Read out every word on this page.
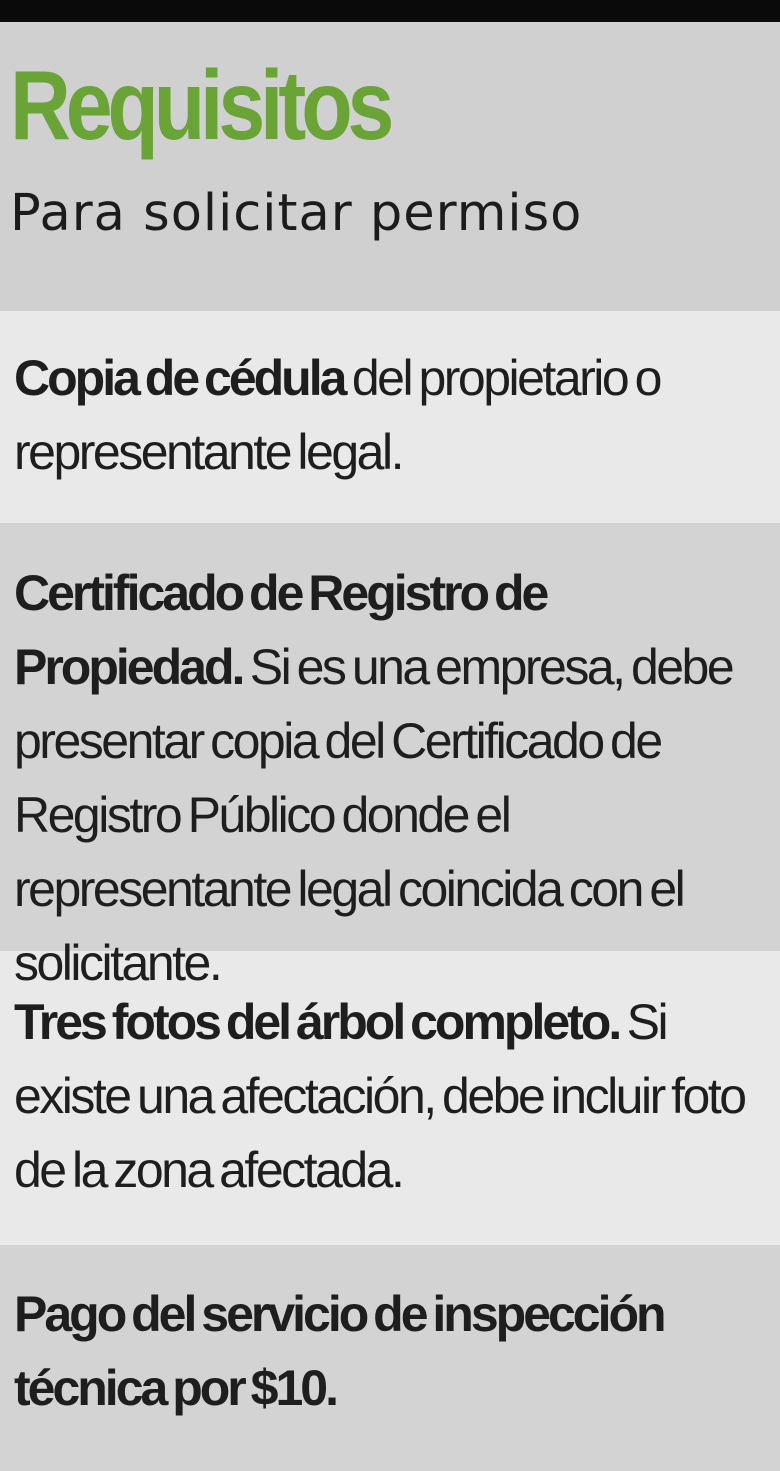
Requisitos
Para solicitar permiso
Copia de cédula del propietario o representante legal.
Certificado de Registro de Propiedad. Si es una empresa, debe presentar copia del Certificado de Registro Público donde el representante legal coincida con el solicitante.
Tres fotos del árbol completo. Si existe una afectación, debe incluir foto de la zona afectada.
Pago del servicio de inspección técnica por $10.
